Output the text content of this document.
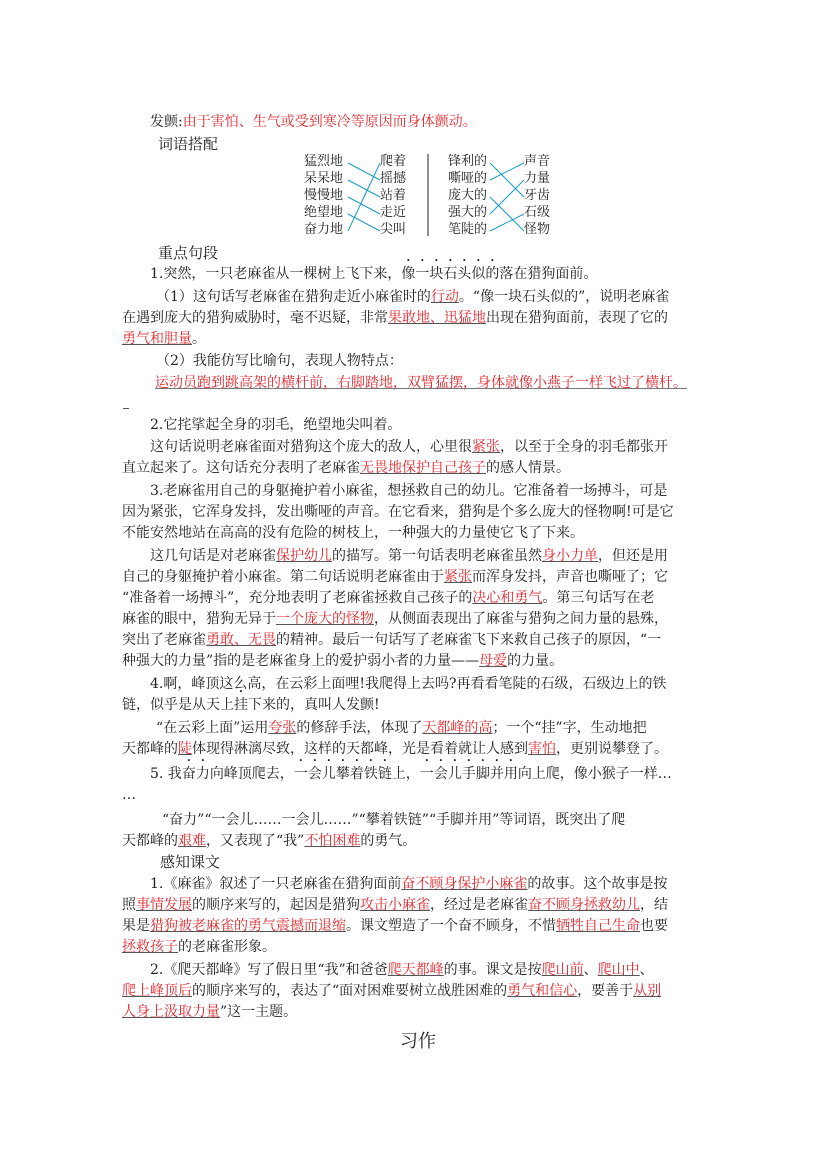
发颤:由于害怕、生气或受到寒冷等原因而身体颤动。
词语搭配
猛烈地
呆呆地
慢慢地
绝望地
奋力地
爬着
摇撼
站着
走近
尖叫
锋利的
嘶哑的
庞大的
强大的
笔陡的
声音
力量
牙齿
石级
怪物
重点句段
1.突然，一只老麻雀从一棵树上飞下来，像一块石头似的落在猎狗面前。
（1）这句话写老麻雀在猎狗走近小麻雀时的行动。“像一块石头似的”，说明老麻雀
在遇到庞大的猎狗威胁时，毫不迟疑，非常果敢地、迅猛地出现在猎狗面前，表现了它的
勇气和胆量。
（2）我能仿写比喻句，表现人物特点：
运动员跑到跳高架的横杆前，右脚踏地，双臂猛摆，身体就像小燕子一样飞过了横杆。
2.它挓挲起全身的羽毛，绝望地尖叫着。
这句话说明老麻雀面对猎狗这个庞大的敌人，心里很紧张，以至于全身的羽毛都张开
直立起来了。这句话充分表明了老麻雀无畏地保护自己孩子的感人情景。
3.老麻雀用自己的身躯掩护着小麻雀，想拯救自己的幼儿。它准备着一场搏斗，可是
因为紧张，它浑身发抖，发出嘶哑的声音。在它看来，猎狗是个多么庞大的怪物啊!可是它
不能安然地站在高高的没有危险的树枝上，一种强大的力量使它飞了下来。
这几句话是对老麻雀保护幼儿的描写。第一句话表明老麻雀虽然身小力单，但还是用
自己的身躯掩护着小麻雀。第二句话说明老麻雀由于紧张而浑身发抖，声音也嘶哑了；它
“准备着一场搏斗”，充分地表明了老麻雀拯救自己孩子的决心和勇气。第三句话写在老
麻雀的眼中，猎狗无异于一个庞大的怪物，从侧面表现出了麻雀与猎狗之间力量的悬殊，
突出了老麻雀勇敢、无畏的精神。最后一句话写了老麻雀飞下来救自己孩子的原因，“一
种强大的力量”指的是老麻雀身上的爱护弱小者的力量——母爱的力量。
4.啊，峰顶这么高，在云彩上面哩!我爬得上去吗?再看看笔陡的石级，石级边上的铁
链，似乎是从天上挂下来的，真叫人发颤!
“在云彩上面”运用夸张的修辞手法，体现了天都峰的高；一个“挂”字，生动地把
天都峰的陡体现得淋漓尽致，这样的天都峰，光是看着就让人感到害怕，更别说攀登了。
5. 我奋力向峰顶爬去，一会儿攀着铁链上，一会儿手脚并用向上爬，像小猴子一样…
…
“奋力”“一会儿……一会儿……”“攀着铁链”“手脚并用”等词语，既突出了爬
天都峰的艰难，又表现了“我”不怕困难的勇气。
感知课文
1.《麻雀》叙述了一只老麻雀在猎狗面前奋不顾身保护小麻雀的故事。这个故事是按
照事情发展的顺序来写的，起因是猎狗攻击小麻雀，经过是老麻雀奋不顾身拯救幼儿，结
果是猎狗被老麻雀的勇气震撼而退缩。课文塑造了一个奋不顾身，不惜牺牲自己生命也要
拯救孩子的老麻雀形象。
2.《爬天都峰》写了假日里“我”和爸爸爬天都峰的事。课文是按爬山前、爬山中、
爬上峰顶后的顺序来写的，表达了“面对困难要树立战胜困难的勇气和信心，要善于从别
人身上汲取力量”这一主题。
习作
